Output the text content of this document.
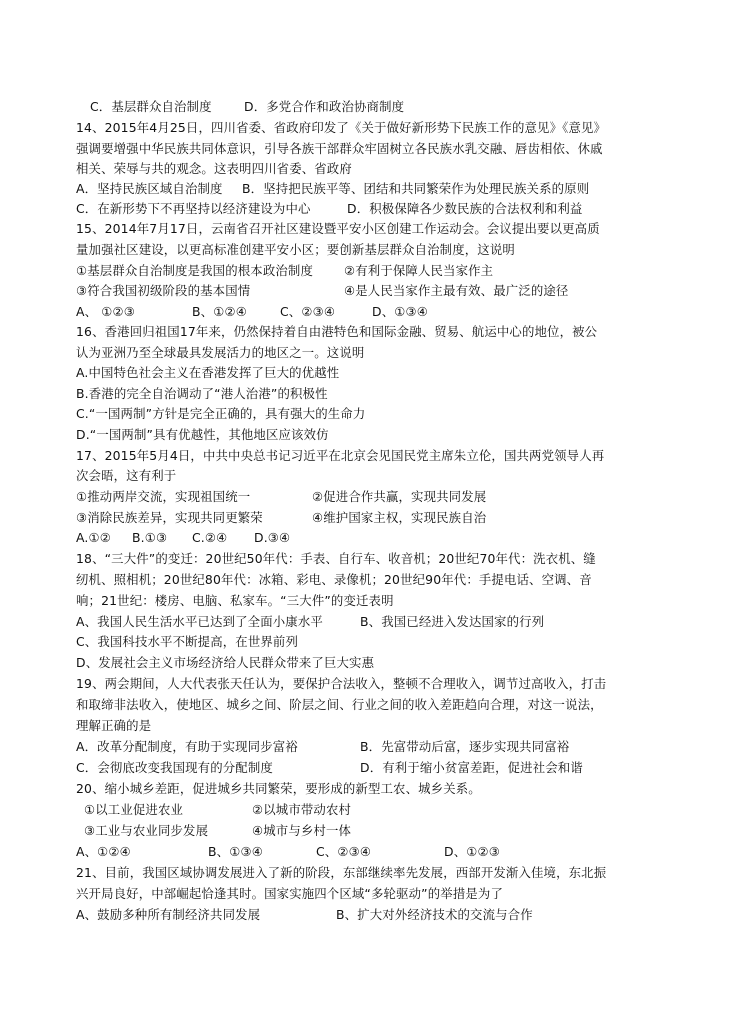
C．基层群众自治制度	D．多党合作和政治协商制度
14、2015年4月25日，四川省委、省政府印发了《关于做好新形势下民族工作的意见》《意见》
强调要增强中华民族共同体意识，引导各族干部群众牢固树立各民族水乳交融、唇齿相依、休戚
相关、荣辱与共的观念。这表明四川省委、省政府
A．坚持民族区域自治制度 B．坚持把民族平等、团结和共同繁荣作为处理民族关系的原则
C．在新形势下不再坚持以经济建设为中心	D．积极保障各少数民族的合法权利和利益
15、2014年7月17日，云南省召开社区建设暨平安小区创建工作运动会。会议提出要以更高质
量加强社区建设，以更高标准创建平安小区；要创新基层群众自治制度，这说明
①基层群众自治制度是我国的根本政治制度	②有利于保障人民当家作主
③符合我国初级阶段的基本国情	④是人民当家作主最有效、最广泛的途径
A、 ①②③	B、①②④	C、②③④	D、①③④
16、香港回归祖国17年来，仍然保持着自由港特色和国际金融、贸易、航运中心的地位，被公
认为亚洲乃至全球最具发展活力的地区之一。这说明
A.中国特色社会主义在香港发挥了巨大的优越性
B.香港的完全自治调动了“港人治港”的积极性
C.“一国两制”方针是完全正确的，具有强大的生命力
D.“一国两制”具有优越性，其他地区应该效仿
17、2015年5月4日，中共中央总书记习近平在北京会见国民党主席朱立伦，国共两党领导人再
次会晤，这有利于
①推动两岸交流，实现祖国统一	②促进合作共赢，实现共同发展
③消除民族差异，实现共同更繁荣	④维护国家主权，实现民族自治
A.①② B.①③ C.②④ D.③④
18、“三大件”的变迁：20世纪50年代：手表、自行车、收音机；20世纪70年代：洗衣机、缝
纫机、照相机；20世纪80年代：冰箱、彩电、录像机；20世纪90年代：手提电话、空调、音
响；21世纪：楼房、电脑、私家车。“三大件”的变迁表明
A、我国人民生活水平已达到了全面小康水平	B、我国已经进入发达国家的行列
C、我国科技水平不断提高，在世界前列
D、发展社会主义市场经济给人民群众带来了巨大实惠
19、两会期间，人大代表张天任认为，要保护合法收入，整顿不合理收入，调节过高收入，打击
和取缔非法收入，使地区、城乡之间、阶层之间、行业之间的收入差距趋向合理，对这一说法，
理解正确的是
A．改革分配制度，有助于实现同步富裕	B．先富带动后富，逐步实现共同富裕
C．会彻底改变我国现有的分配制度	D．有利于缩小贫富差距，促进社会和谐
20、缩小城乡差距，促进城乡共同繁荣，要形成的新型工农、城乡关系。
①以工业促进农业	②以城市带动农村
③工业与农业同步发展	④城市与乡村一体
A、①②④	B、①③④	C、②③④	D、①②③
21、目前，我国区域协调发展进入了新的阶段，东部继续率先发展，西部开发渐入佳境，东北振
兴开局良好，中部崛起恰逢其时。国家实施四个区域“多轮驱动”的举措是为了
A、鼓励多种所有制经济共同发展	B、扩大对外经济技术的交流与合作
